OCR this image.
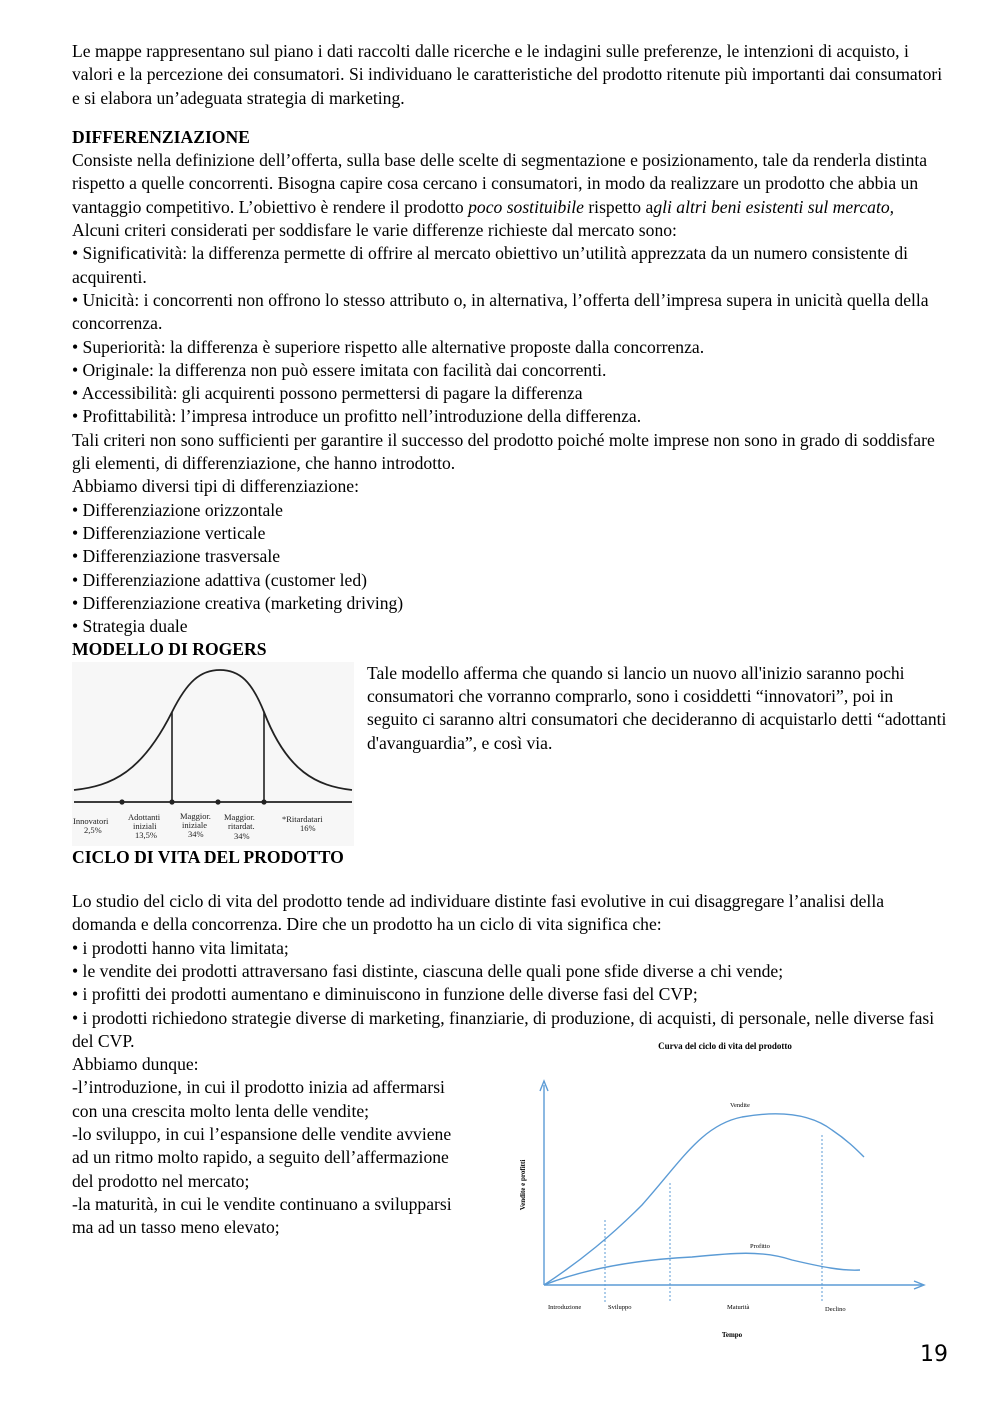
Le mappe rappresentano sul piano i dati raccolti dalle ricerche e le indagini sulle preferenze, le intenzioni di acquisto, i valori e la percezione dei consumatori. Si individuano le caratteristiche del prodotto ritenute più importanti dai consumatori e si elabora un’adeguata strategia di marketing.

DIFFERENZIAZIONE

Consiste nella definizione dell’offerta, sulla base delle scelte di segmentazione e posizionamento, tale da renderla distinta rispetto a quelle concorrenti. Bisogna capire cosa cercano i consumatori, in modo da realizzare un prodotto che abbia un vantaggio competitivo. L’obiettivo è rendere il prodotto poco sostituibile rispetto agli altri beni esistenti sul mercato,

Alcuni criteri considerati per soddisfare le varie differenze richieste dal mercato sono:

• Significatività: la differenza permette di offrire al mercato obiettivo un’utilità apprezzata da un numero consistente di acquirenti.

• Unicità: i concorrenti non offrono lo stesso attributo o, in alternativa, l’offerta dell’impresa supera in unicità quella della concorrenza.

• Superiorità: la differenza è superiore rispetto alle alternative proposte dalla concorrenza.

• Originale: la differenza non può essere imitata con facilità dai concorrenti.

• Accessibilità: gli acquirenti possono permettersi di pagare la differenza

• Profittabilità: l’impresa introduce un profitto nell’introduzione della differenza.

Tali criteri non sono sufficienti per garantire il successo del prodotto poiché molte imprese non sono in grado di soddisfare gli elementi, di differenziazione, che hanno introdotto.

Abbiamo diversi tipi di differenziazione:

• Differenziazione orizzontale

• Differenziazione verticale

• Differenziazione trasversale

• Differenziazione adattiva (customer led)

• Differenziazione creativa (marketing driving)

• Strategia duale

MODELLO DI ROGERS
Innovatori
2,5%
Adottanti
iniziali
13,5%
Maggior.
iniziale
34%
Maggior.
ritardat.
34%
*Ritardatari
16%

Tale modello afferma che quando si lancio un nuovo all'inizio saranno pochi consumatori che vorranno comprarlo, sono i cosiddetti “innovatori”, poi in seguito ci saranno altri consumatori che decideranno di acquistarlo detti “adottanti d'avanguardia”, e così via.

CICLO DI VITA DEL PRODOTTO

Lo studio del ciclo di vita del prodotto tende ad individuare distinte fasi evolutive in cui disaggregare l’analisi della domanda e della concorrenza. Dire che un prodotto ha un ciclo di vita significa che:

• i prodotti hanno vita limitata;

• le vendite dei prodotti attraversano fasi distinte, ciascuna delle quali pone sfide diverse a chi vende;

• i profitti dei prodotti aumentano e diminuiscono in funzione delle diverse fasi del CVP;

• i prodotti richiedono strategie diverse di marketing, finanziarie, di produzione, di acquisti, di personale, nelle diverse fasi del CVP.

Abbiamo dunque:

-l’introduzione, in cui il prodotto inizia ad affermarsi con una crescita molto lenta delle vendite;

-lo sviluppo, in cui l’espansione delle vendite avviene ad un ritmo molto rapido, a seguito dell’affermazione del prodotto nel mercato;

-la maturità, in cui le vendite continuano a svilupparsi ma ad un tasso meno elevato;

Curva del ciclo di vita del prodotto
Vendite
Profitto
Vendite e profitti
Introduzione	Sviluppo	Maturità	Declino
Tempo
19
